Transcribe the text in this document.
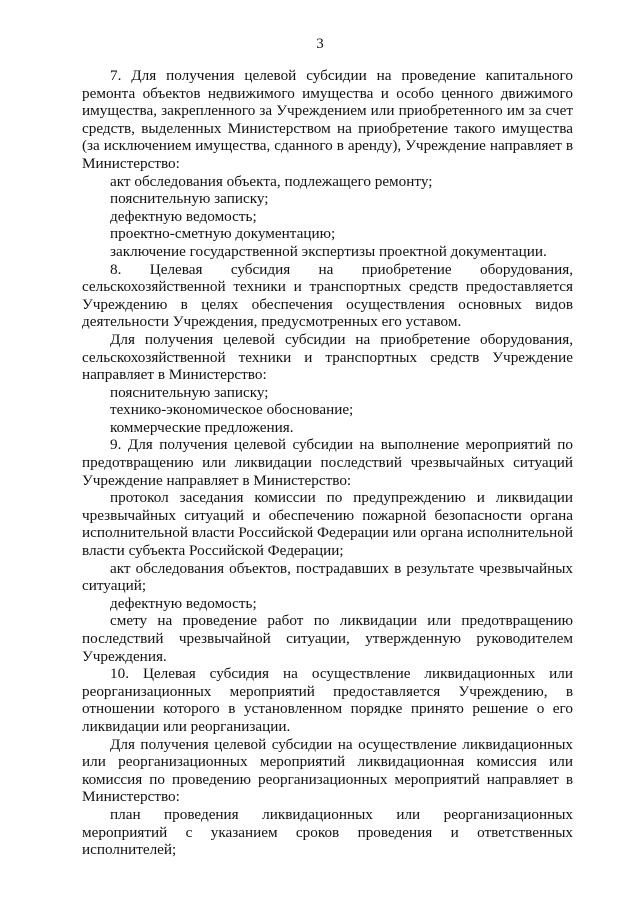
3

7. Для получения целевой субсидии на проведение капитального ремонта объектов недвижимого имущества и особо ценного движимого имущества, закрепленного за Учреждением или приобретенного им за счет средств, выделенных Министерством на приобретение такого имущества (за исключением имущества, сданного в аренду), Учреждение направляет в Министерство:

акт обследования объекта, подлежащего ремонту;

пояснительную записку;

дефектную ведомость;

проектно-сметную документацию;

заключение государственной экспертизы проектной документации.

8. Целевая субсидия на приобретение оборудования, сельскохозяйственной техники и транспортных средств предоставляется Учреждению в целях обеспечения осуществления основных видов деятельности Учреждения, предусмотренных его уставом.

Для получения целевой субсидии на приобретение оборудования, сельскохозяйственной техники и транспортных средств Учреждение направляет в Министерство:

пояснительную записку;

технико-экономическое обоснование;

коммерческие предложения.

9. Для получения целевой субсидии на выполнение мероприятий по предотвращению или ликвидации последствий чрезвычайных ситуаций Учреждение направляет в Министерство:

протокол заседания комиссии по предупреждению и ликвидации чрезвычайных ситуаций и обеспечению пожарной безопасности органа исполнительной власти Российской Федерации или органа исполнительной власти субъекта Российской Федерации;

акт обследования объектов, пострадавших в результате чрезвычайных ситуаций;

дефектную ведомость;

смету на проведение работ по ликвидации или предотвращению последствий чрезвычайной ситуации, утвержденную руководителем Учреждения.

10. Целевая субсидия на осуществление ликвидационных или реорганизационных мероприятий предоставляется Учреждению, в отношении которого в установленном порядке принято решение о его ликвидации или реорганизации.

Для получения целевой субсидии на осуществление ликвидационных или реорганизационных мероприятий ликвидационная комиссия или комиссия по проведению реорганизационных мероприятий направляет в Министерство:

план проведения ликвидационных или реорганизационных мероприятий с указанием сроков проведения и ответственных исполнителей;
